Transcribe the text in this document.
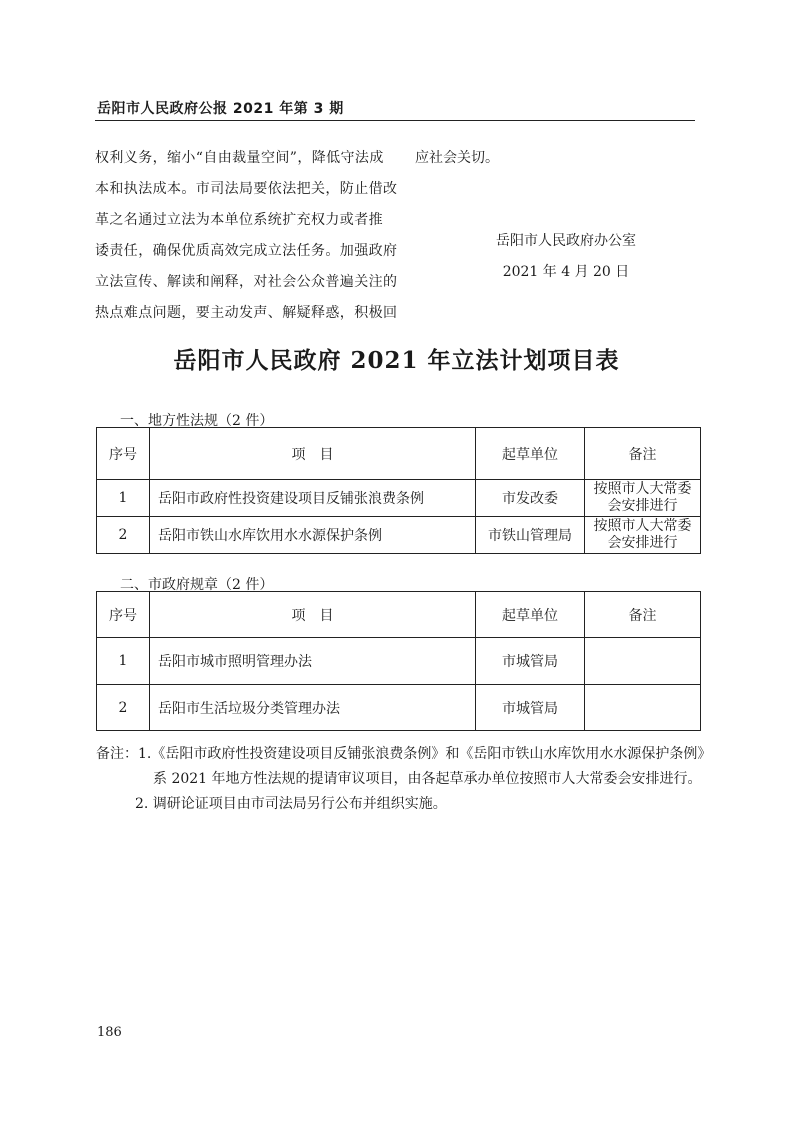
岳阳市人民政府公报 2021 年第 3 期

权利义务，缩小“自由裁量空间”，降低守法成

本和执法成本。市司法局要依法把关，防止借改

革之名通过立法为本单位系统扩充权力或者推

诿责任，确保优质高效完成立法任务。加强政府

立法宣传、解读和阐释，对社会公众普遍关注的

热点难点问题，要主动发声、解疑释惑，积极回

应社会关切。

岳阳市人民政府办公室
2021 年 4 月 20 日
岳阳市人民政府 2021 年立法计划项目表
一、地方性法规（2 件）
序号	项　目	起草单位	备注
1	岳阳市政府性投资建设项目反铺张浪费条例	市发改委	按照市人大常委
会安排进行

2	岳阳市铁山水库饮用水水源保护条例	市铁山管理局	按照市人大常委
会安排进行
二、市政府规章（2 件）
序号	项　目	起草单位	备注
1	岳阳市城市照明管理办法	市城管局	
2	岳阳市生活垃圾分类管理办法	市城管局	
备注：1.《岳阳市政府性投资建设项目反铺张浪费条例》和《岳阳市铁山水库饮用水水源保护条例》
系 2021 年地方性法规的提请审议项目，由各起草承办单位按照市人大常委会安排进行。
2. 调研论证项目由市司法局另行公布并组织实施。
186
